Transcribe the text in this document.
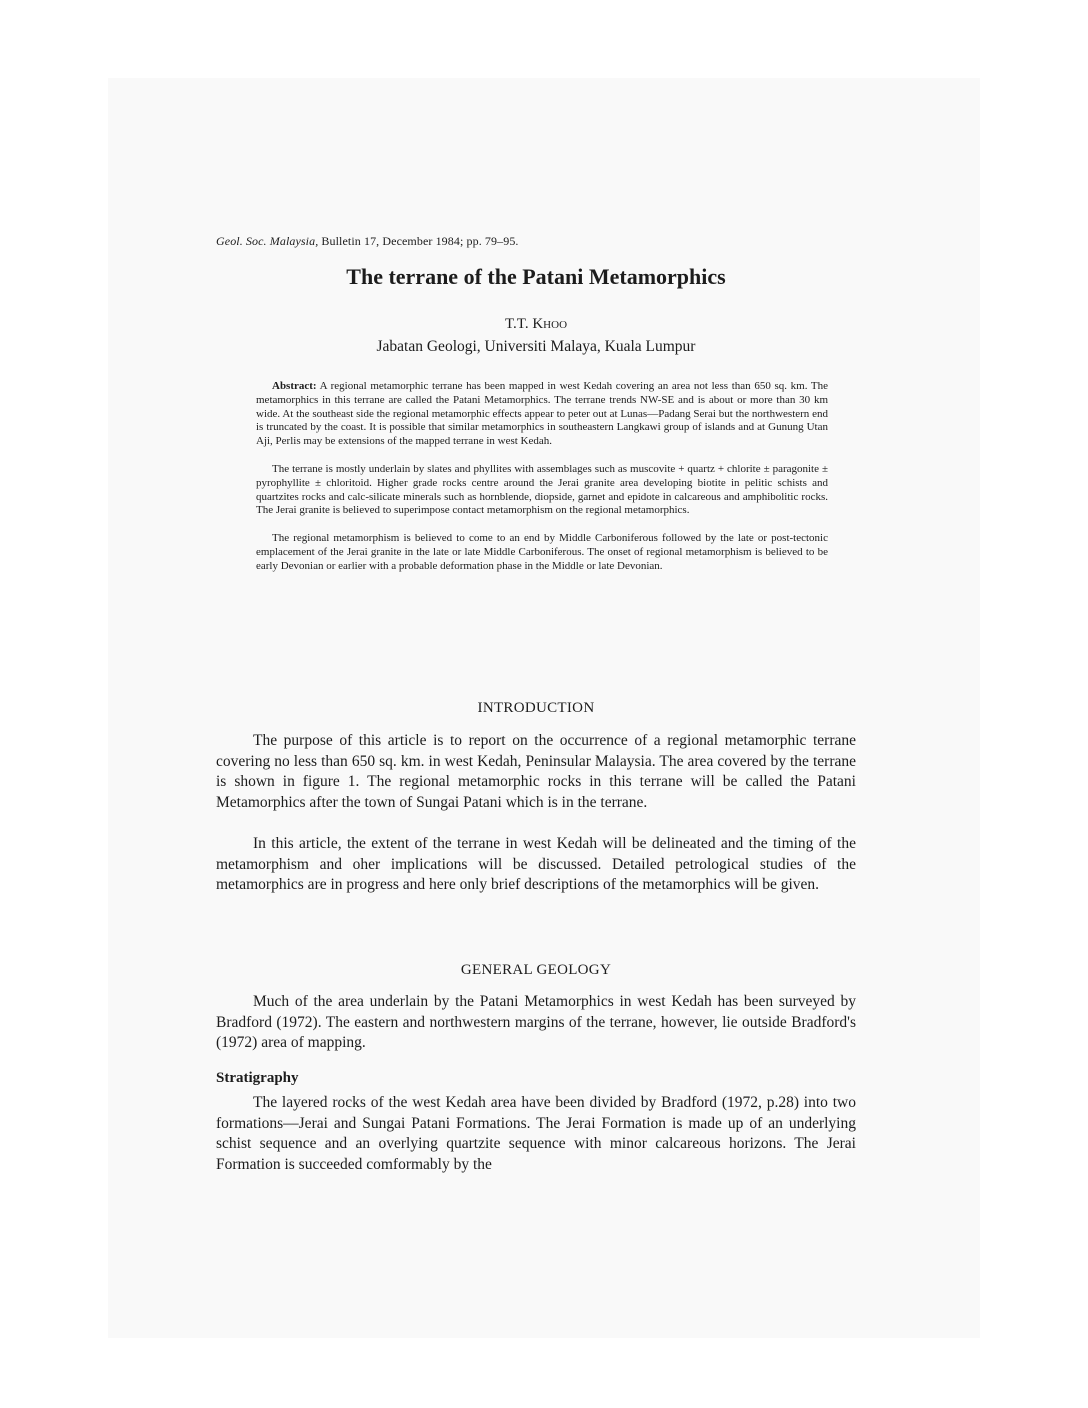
Geol. Soc. Malaysia, Bulletin 17, December 1984; pp. 79–95.
The terrane of the Patani Metamorphics
T.T. Khoo
Jabatan Geologi, Universiti Malaya, Kuala Lumpur

Abstract: A regional metamorphic terrane has been mapped in west Kedah covering an area not less than 650 sq. km. The metamorphics in this terrane are called the Patani Metamorphics. The terrane trends NW-SE and is about or more than 30 km wide. At the southeast side the regional metamorphic effects appear to peter out at Lunas—Padang Serai but the northwestern end is truncated by the coast. It is possible that similar metamorphics in southeastern Langkawi group of islands and at Gunung Utan Aji, Perlis may be extensions of the mapped terrane in west Kedah.

The terrane is mostly underlain by slates and phyllites with assemblages such as muscovite + quartz + chlorite ± paragonite ± pyrophyllite ± chloritoid. Higher grade rocks centre around the Jerai granite area developing biotite in pelitic schists and quartzites rocks and calc-silicate minerals such as hornblende, diopside, garnet and epidote in calcareous and amphibolitic rocks. The Jerai granite is believed to superimpose contact metamorphism on the regional metamorphics.

The regional metamorphism is believed to come to an end by Middle Carboniferous followed by the late or post-tectonic emplacement of the Jerai granite in the late or late Middle Carboniferous. The onset of regional metamorphism is believed to be early Devonian or earlier with a probable deformation phase in the Middle or late Devonian.

INTRODUCTION

The purpose of this article is to report on the occurrence of a regional metamorphic terrane covering no less than 650 sq. km. in west Kedah, Peninsular Malaysia. The area covered by the terrane is shown in figure 1. The regional metamorphic rocks in this terrane will be called the Patani Metamorphics after the town of Sungai Patani which is in the terrane.

In this article, the extent of the terrane in west Kedah will be delineated and the timing of the metamorphism and oher implications will be discussed. Detailed petrological studies of the metamorphics are in progress and here only brief descriptions of the metamorphics will be given.

GENERAL GEOLOGY

Much of the area underlain by the Patani Metamorphics in west Kedah has been surveyed by Bradford (1972). The eastern and northwestern margins of the terrane, however, lie outside Bradford's (1972) area of mapping.

Stratigraphy

The layered rocks of the west Kedah area have been divided by Bradford (1972, p.28) into two formations—Jerai and Sungai Patani Formations. The Jerai Formation is made up of an underlying schist sequence and an overlying quartzite sequence with minor calcareous horizons. The Jerai Formation is succeeded comformably by the
